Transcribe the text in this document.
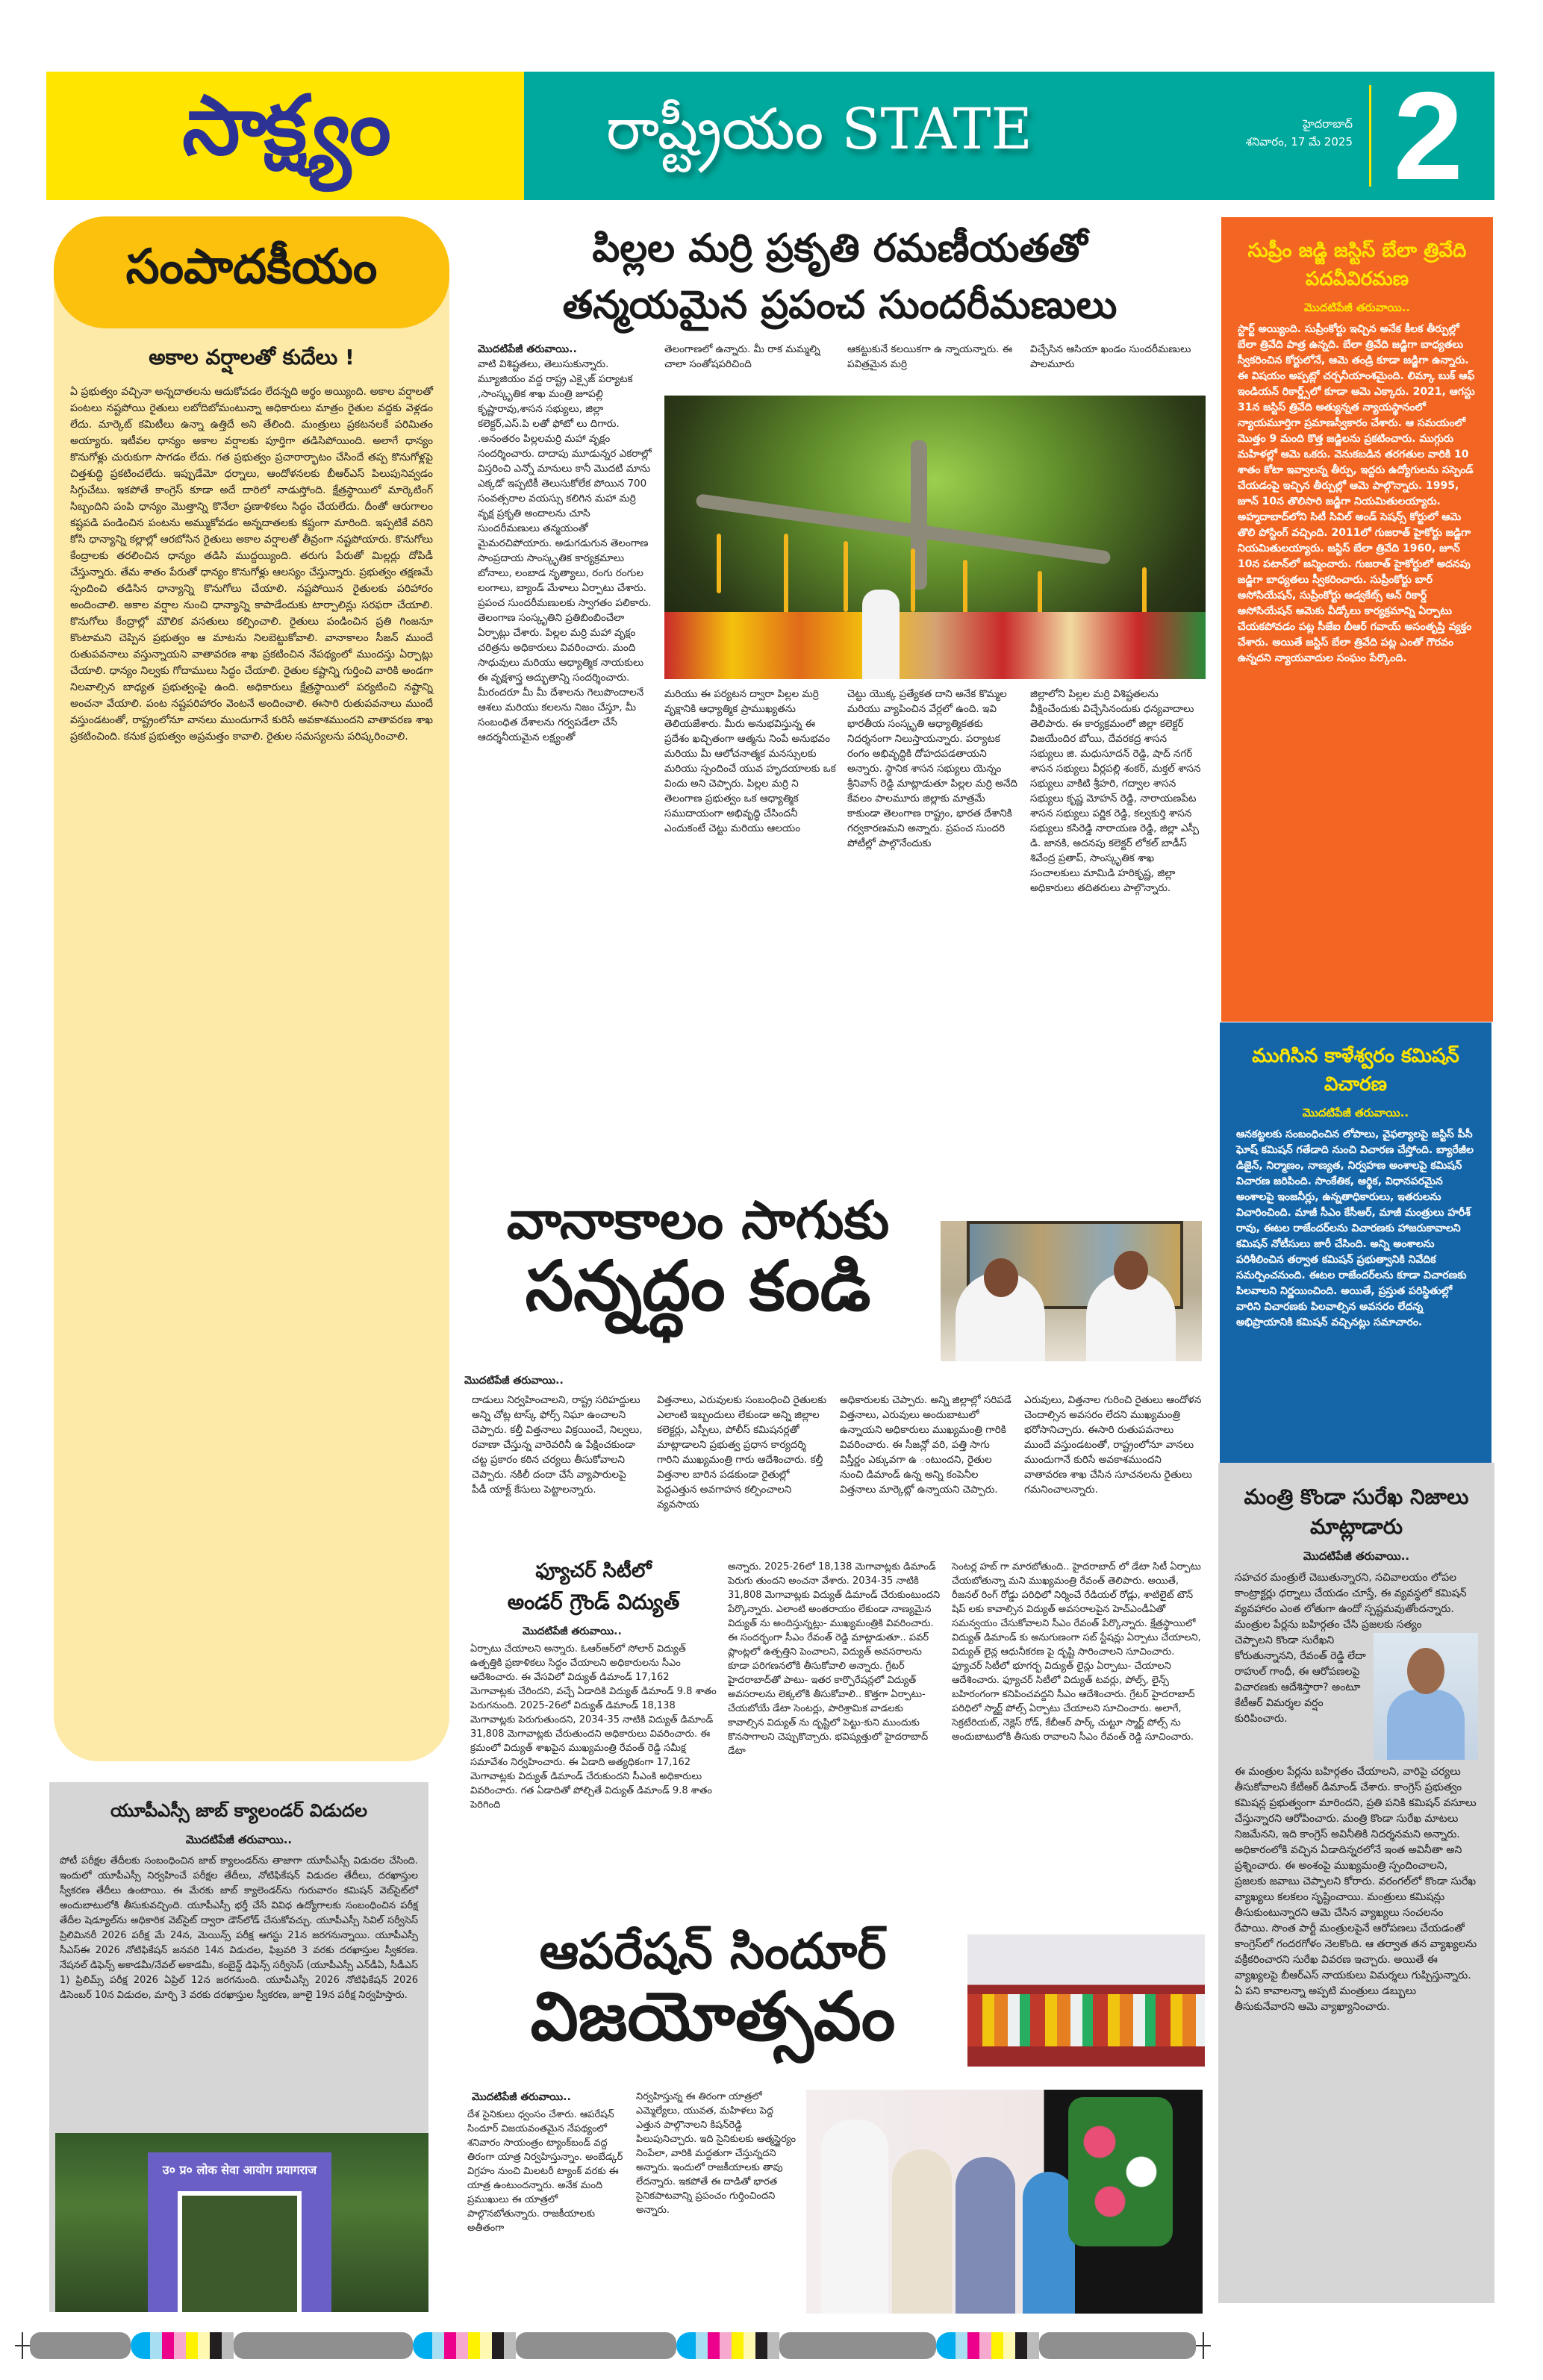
సాక్ష్యం	రాష్ట్రీయం STATE	హైదరాబాద్
శనివారం, 17 మే 2025 2
సంపాదకీయం
అకాల వర్షాలతో కుదేలు !

ఏ ప్రభుత్వం వచ్చినా అన్నదాతలను ఆదుకోవడం లేదన్నది అర్థం అయ్యింది. అకాల వర్షాలతో పంటలు నష్టపోయి రైతులు లబోదిబోమంటున్నా అధికారులు మాత్రం రైతుల వద్దకు వెళ్లడం లేదు. మార్కెట్ కమిటీలు ఉన్నా ఉత్తిదే అని తేలింది. మంత్రులు ప్రకటనలకే పరిమితం అయ్యారు. ఇటీవల ధాన్యం అకాల వర్షాలకు పూర్తిగా తడిసిపోయింది. అలాగే ధాన్యం కొనుగోళ్లు చురుకుగా సాగడం లేదు. గత ప్రభుత్వం ప్రచారార్భాటం చేసిందే తప్ప కొనుగోళ్లపై చిత్తశుద్ధి ప్రకటించలేదు. ఇప్పుడేమో ధర్నాలు, ఆందోళనలకు బీఆర్ఎస్ పిలుపునివ్వడం సిగ్గుచేటు. ఇకపోతే కాంగ్రెస్ కూడా అదే దారిలో నాడుస్తోంది. క్షేత్రస్థాయిలో మార్కెటింగ్ సిబ్బందిని పంపి ధాన్యం మొత్తాన్ని కొనేలా ప్రణాళికలు సిద్ధం చేయలేదు. దీంతో ఆరుగాలం కష్టపడి పండించిన పంటను అమ్ముకోవడం అన్నదాతలకు కష్టంగా మారింది. ఇప్పటికే వరిని కోసి ధాన్యాన్ని కల్లాల్లో ఆరబోసిన రైతులు అకాల వర్షాలతో తీవ్రంగా నష్టపోయారు. కొనుగోలు కేంద్రాలకు తరలించిన ధాన్యం తడిసి ముద్దయ్యింది. తరుగు పేరుతో మిల్లర్లు దోపిడీ చేస్తున్నారు. తేమ శాతం పేరుతో ధాన్యం కొనుగోళ్లు ఆలస్యం చేస్తున్నారు. ప్రభుత్వం తక్షణమే స్పందించి తడిసిన ధాన్యాన్ని కొనుగోలు చేయాలి. నష్టపోయిన రైతులకు పరిహారం అందించాలి. అకాల వర్షాల నుంచి ధాన్యాన్ని కాపాడేందుకు టార్పాలిన్లు సరఫరా చేయాలి. కొనుగోలు కేంద్రాల్లో మౌలిక వసతులు కల్పించాలి. రైతులు పండించిన ప్రతి గింజనూ కొంటామని చెప్పిన ప్రభుత్వం ఆ మాటను నిలబెట్టుకోవాలి. వానాకాలం సీజన్ ముందే రుతుపవనాలు వస్తున్నాయని వాతావరణ శాఖ ప్రకటించిన నేపథ్యంలో ముందస్తు ఏర్పాట్లు చేయాలి. ధాన్యం నిల్వకు గోదాములు సిద్ధం చేయాలి. రైతుల కష్టాన్ని గుర్తించి వారికి అండగా నిలవాల్సిన బాధ్యత ప్రభుత్వంపై ఉంది. అధికారులు క్షేత్రస్థాయిలో పర్యటించి నష్టాన్ని అంచనా వేయాలి. పంట నష్టపరిహారం వెంటనే అందించాలి. ఈసారి రుతుపవనాలు ముందే వస్తుండటంతో, రాష్ట్రంలోనూ వానలు ముందుగానే కురిసే అవకాశముందని వాతావరణ శాఖ ప్రకటించింది. కనుక ప్రభుత్వం అప్రమత్తం కావాలి. రైతుల సమస్యలను పరిష్కరించాలి.

యూపీఎస్సీ జాబ్ క్యాలండర్ విడుదల
మొదటిపేజీ తరువాయి..

పోటీ పరీక్షల తేదీలకు సంబంధించిన జాబ్ క్యాలండర్‌ను తాజాగా యూపీఎస్సీ విడుదల చేసింది. ఇందులో యూపీఎస్సీ నిర్వహించే పరీక్షల తేదీలు, నోటిఫికేషన్ విడుదల తేదీలు, దరఖాస్తుల స్వీకరణ తేదీలు ఉంటాయి. ఈ మేరకు జాబ్ క్యాలెండర్‌ను గురువారం కమిషన్ వెబ్‌సైట్‌లో అందుబాటులోకి తీసుకువచ్చింది. యూపీఎస్సీ భర్తీ చేసే వివిధ ఉద్యోగాలకు సంబంధించిన పరీక్ష తేదీల షెడ్యూల్‌ను అధికారిక వెబ్‌సైట్ ద్వారా డౌన్‌లోడ్ చేసుకోవచ్చు. యూపీఎస్సీ సివిల్ సర్వీసెస్ ప్రిలిమినరీ 2026 పరీక్ష మే 24న, మెయిన్స్ పరీక్ష ఆగస్టు 21న జరగనున్నాయి. యూపీఎస్సీ సీఎస్ఈ 2026 నోటిఫికేషన్ జనవరి 14న విడుదల, ఫిబ్రవరి 3 వరకు దరఖాస్తుల స్వీకరణ. నేషనల్ డిఫెన్స్ అకాడమీ/నేవల్ అకాడమీ, కంబైన్డ్ డిఫెన్స్ సర్వీసెస్ (యూపీఎస్సీ ఎన్‌డీఏ, సీడీఎస్ 1) ప్రిలిమ్స్ పరీక్ష 2026 ఏప్రిల్ 12న జరగనుంది. యూపీఎస్సీ 2026 నోటిఫికేషన్ 2026 డిసెంబర్ 10న విడుదల, మార్చి 3 వరకు దరఖాస్తుల స్వీకరణ, జూలై 19న పరీక్ష నిర్వహిస్తారు.

उ० प्र० लोक सेवा आयोग प्रयागराज
పిల్లల మర్రి ప్రకృతి రమణీయతతో
తన్మయమైన ప్రపంచ సుందరీమణులు
మొదటిపేజీ తరువాయి..
వాటి విశిష్టతలు, తెలుసుకున్నారు. మ్యూజియం వద్ద రాష్ట్ర ఎక్సైజ్ పర్యాటక ,సాంస్కృతిక శాఖ మంత్రి జూపల్లి కృష్ణారావు,శాసన సభ్యులు, జిల్లా కలెక్టర్,ఎస్.పి లతో ఫోటో లు దిగారు. .అనంతరం పిల్లలమర్రి మహా వృక్షం సందర్శించారు. దాదాపు మూడున్నర ఎకరాల్లో విస్తరించి ఎన్నో మానులు కానీ మొదటి మాను ఎక్కడో ఇప్పటికీ తెలుసుకోలేక పోయిన 700 సంవత్సరాల వయస్సు కలిగిన మహా మర్రి వృక్ష ప్రకృతి అందాలను చూసి సుందరీమణులు తన్మయంతో మైమరచిపోయారు. అడుగడుగున తెలంగాణ సాంప్రదాయ సాంస్కృతిక కార్యక్రమాలు బోనాలు, లంబాడ నృత్యాలు, రంగు రంగుల లంగాలు, బ్యాండ్ మేళాలు ఏర్పాటు చేశారు. ప్రపంచ సుందరీమణులకు స్వాగతం పలికారు. తెలంగాణ సంస్కృతిని ప్రతిబింబించేలా ఏర్పాట్లు చేశారు. పిల్లల మర్రి మహా వృక్షం చరిత్రను అధికారులు వివరించారు. మంది సాధువులు మరియు ఆధ్యాత్మిక నాయకులు ఈ వృక్షశాస్త్ర అద్భుతాన్ని సందర్శించారు. మీరందరూ మీ మీ దేశాలను గెలుపొందాలనే ఆశలు మరియు కలలను నిజం చేస్తూ, మీ సంబంధిత దేశాలను గర్వపడేలా చేసే ఆదర్శనీయమైన లక్ష్యంతో
తెలంగాణలో ఉన్నారు. మీ రాక మమ్మల్ని చాలా సంతోషపరిచింది
ఆకట్టుకునే కలయికగా ఉ న్నాయన్నారు. ఈ పవిత్రమైన మర్రి
విచ్చేసిన ఆసియా ఖండం సుందరీమణులు పాలమూరు
మరియు ఈ పర్యటన ద్వారా పిల్లల మర్రి వృక్షానికి ఆధ్యాత్మిక ప్రాముఖ్యతను తెలియజేశారు. మీరు అనుభవిస్తున్న ఈ ప్రదేశం ఖచ్చితంగా ఆత్మను నింపే అనుభవం మరియు మీ ఆలోచనాత్మక మనస్సులకు మరియు స్పందించే యువ హృదయాలకు ఒక విందు అని చెప్పారు. పిల్లల మర్రి ని తెలంగాణ ప్రభుత్వం ఒక ఆధ్యాత్మిక సముదాయంగా అభివృద్ధి చేసిందనీ ఎందుకంటే చెట్టు మరియు ఆలయం
చెట్టు యొక్క ప్రత్యేకత దాని అనేక కొమ్మల మరియు వ్యాపించిన వేర్లలో ఉంది. ఇవి భారతీయ సంస్కృతి ఆధ్యాత్మికతకు నిదర్శనంగా నిలుస్తాయన్నారు. పర్యాటక రంగం అభివృద్ధికి దోహదపడతాయని అన్నారు. స్థానిక శాసన సభ్యులు యెన్నం శ్రీనివాస్ రెడ్డి మాట్లాడుతూ పిల్లల మర్రి అనేది కేవలం పాలమూరు జిల్లాకు మాత్రమే కాకుండా తెలంగాణ రాష్ట్రం, భారత దేశానికి గర్వకారణమని అన్నారు. ప్రపంచ సుందరి పోటీల్లో పాల్గొనేందుకు
జిల్లాలోని పిల్లల మర్రి విశిష్టతలను వీక్షించేందుకు విచ్చేసినందుకు ధన్యవాదాలు తెలిపారు. ఈ కార్యక్రమంలో జిల్లా కలెక్టర్ విజయేందిర బోయి, దేవరకద్ర శాసన సభ్యులు జి. మధుసూదన్ రెడ్డి, షాద్ నగర్ శాసన సభ్యులు వీర్లపల్లి శంకర్, మక్తల్ శాసన సభ్యులు వాకిటి శ్రీహరి, గద్వాల శాసన సభ్యులు కృష్ణ మోహన్ రెడ్డి, నారాయణపేట శాసన సభ్యులు పర్ణిక రెడ్డి, కల్వకుర్తి శాసన సభ్యులు కసిరెడ్డి నారాయణ రెడ్డి, జిల్లా ఎస్పీ డి. జానకి, అదనపు కలెక్టర్ లోకల్ బాడీస్ శివేంద్ర ప్రతాప్, సాంస్కృతిక శాఖ సంచాలకులు మామిడి హరికృష్ణ, జిల్లా అధికారులు తదితరులు పాల్గొన్నారు.
వానాకాలం సాగుకు
సన్నద్ధం కండి
మొదటిపేజీ తరువాయి..
దాడులు నిర్వహించాలని, రాష్ట్ర సరిహద్దులు అన్ని చోట్ల టాస్క్ ఫోర్స్ నిఘా ఉంచాలని చెప్పారు. కల్తీ విత్తనాలు విక్రయించే, నిల్వలు, రవాణా చేస్తున్న వారెవరినీ ఉ పేక్షించకుండా చట్ట ప్రకారం కఠిన చర్యలు తీసుకోవాలని చెప్పారు. నకిలీ దందా చేసే వ్యాపారులపై పీడీ యాక్ట్ కేసులు పెట్టాలన్నారు.
విత్తనాలు, ఎరువులకు సంబంధించి రైతులకు ఎలాంటి ఇబ్బందులు లేకుండా అన్ని జిల్లాల కలెక్టర్లు, ఎస్పీలు, పోలీస్ కమిషనర్లతో మాట్లాడాలని ప్రభుత్వ ప్రధాన కార్యదర్శి గారిని ముఖ్యమంత్రి గారు ఆదేశించారు. కల్తీ విత్తనాల బారిన పడకుండా రైతుల్లో పెద్దఎత్తున అవగాహన కల్పించాలని వ్యవసాయ
అధికారులకు చెప్పారు. అన్ని జిల్లాల్లో సరిపడే విత్తనాలు, ఎరువులు అందుబాటులో ఉన్నాయని అధికారులు ముఖ్యమంత్రి గారికి వివరించారు. ఈ సీజన్లో వరి, పత్తి సాగు విస్తీర్ణం ఎక్కువగా ఉ ంటుందని, రైతుల నుంచి డిమాండ్ ఉన్న అన్ని కంపెనీల విత్తనాలు మార్కెట్లో ఉన్నాయని చెప్పారు.
ఎరువులు, విత్తనాల గురించి రైతులు ఆందోళన చెందాల్సిన అవసరం లేదని ముఖ్యమంత్రి భరోసానిచ్చారు. ఈసారి రుతుపవనాలు ముందే వస్తుండటంతో, రాష్ట్రంలోనూ వానలు ముందుగానే కురిసే అవకాశముందని వాతావరణ శాఖ చేసిన సూచనలను రైతులు గమనించాలన్నారు.
ఫ్యూచర్ సిటీలో
అండర్ గ్రౌండ్ విద్యుత్
మొదటిపేజీ తరువాయి..
ఏర్పాటు చేయాలని అన్నారు. ఓఆర్ఆర్‌లో సోలార్ విద్యుత్ ఉత్పత్తికి ప్రణాళికలు సిద్ధం చేయాలని అధికారులను సీఎం ఆదేశించారు. ఈ వేసవిలో విద్యుత్ డిమాండ్ 17,162 మెగావాట్లకు చేరిందని, వచ్చే ఏడాదికి విద్యుత్ డిమాండ్ 9.8 శాతం పెరుగనుంది. 2025-26లో విద్యుత్ డిమాండ్ 18,138 మెగావాట్లకు పెరుగుతుందని, 2034-35 నాటికి విద్యుత్ డిమాండ్ 31,808 మెగావాట్లకు చేరుతుందని అధికారులు వివరించారు. ఈ క్రమంలో విద్యుత్ శాఖపైన ముఖ్యమంత్రి రేవంత్ రెడ్డి సమీక్ష సమావేశం నిర్వహించారు. ఈ ఏడాది అత్యధికంగా 17,162 మెగావాట్లకు విద్యుత్ డిమాండ్ చేరుకుందని సీఎంకి అధికారులు వివరించారు. గత ఏడాదితో పోల్చితే విద్యుత్ డిమాండ్ 9.8 శాతం పెరిగింది
అన్నారు. 2025-26లో 18,138 మెగావాట్లకు డిమాండ్ పెరుగు తుందని అంచనా వేశారు. 2034-35 నాటికి 31,808 మెగావాట్లకు విద్యుత్ డిమాండ్ చేరుకుంటుందని పేర్కొన్నారు. ఎలాంటి అంతరాయం లేకుండా నాణ్యమైన విద్యుత్ ను అందిస్తున్నట్లు- ముఖ్యమంత్రికి వివరించారు. ఈ సందర్భంగా సీఎం రేవంత్ రెడ్డి మాట్లాడుతూ.. పవర్ ప్లాంట్లలో ఉత్పత్తిని పెంచాలని, విద్యుత్ అవసరాలను కూడా పరిగణనలోకి తీసుకోవాలి అన్నారు. గ్రేటర్ హైదరాబాద్‌తో పాటు- ఇతర కార్పొరేషన్లలో విద్యుత్ అవసరాలను లెక్కలోకి తీసుకోవాలి.. కొత్తగా ఏర్పాటు- చేయబోయే డేటా సెంటర్లు, పారిశ్రామిక వాడలకు కావాల్సిన విద్యుత్ ను దృష్టిలో పెట్టు-కుని ముందుకు కొనసాగాలని చెప్పుకొచ్చారు. భవిష్యత్తులో హైదరాబాద్ డేటా
సెంటర్ల హబ్ గా మారబోతుంది.. హైదరాబాద్ లో డేటా సిటీ ఏర్పాటు చేయబోతున్నా మని ముఖ్యమంత్రి రేవంత్ తెలిపారు. అయితే, రీజనల్ రింగ్ రోడ్డు పరిధిలో నిర్మించే రేడియల్ రోడ్లు, శాటిలైట్ టౌన్ షిప్ లకు కావాల్సిన విద్యుత్ అవసరాలపైన హెచ్ఎండీఏతో సమన్వయం చేసుకోవాలని సీఎం రేవంత్ పేర్కొన్నారు. క్షేత్రస్థాయిలో విద్యుత్ డిమాండ్ కు అనుగుణంగా సబ్ స్టేషన్లు ఏర్పాటు చేయాలని, విద్యుత్ లైన్ల ఆధునీకరణ పై దృష్టి సారించాలని సూచించారు. ఫ్యూచర్ సిటీలో భూగర్భ విద్యుత్ లైన్లు ఏర్పాటు- చేయాలని ఆదేశించారు. ఫ్యూచర్ సిటీలో విద్యుత్ టవర్లు, పోల్స్, లైన్స్ బహిరంగంగా కనిపించవద్దని సీఎం ఆదేశించారు. గ్రేటర్ హైదరాబాద్ పరిధిలో స్మార్ట్ పోల్స్ ఏర్పాటు చేయాలని సూచించారు. అలాగే, సెక్రటేరియట్, నెక్లెస్ రోడ్, కేబీఆర్ పార్క్ చుట్టూ స్మార్ట్ పోల్స్ ను అందుబాటులోకి తీసుకు రావాలని సీఎం రేవంత్ రెడ్డి సూచించారు.
ఆపరేషన్ సిందూర్
విజయోత్సవం
మొదటిపేజీ తరువాయి..
దేశ సైనికులు ధ్వంసం చేశారు. ఆపరేషన్ సిందూర్ విజయవంతమైన నేపథ్యంలో శనివారం సాయంత్రం ట్యాంక్‌బండ్ వద్ద తిరంగా యాత్ర నిర్వహిస్తున్నాం. అంబేడ్కర్ విగ్రహం నుంచి మిలటరీ ట్యాంక్ వరకు ఈ యాత్ర ఉంటుందన్నారు. అనేక మంది ప్రముఖులు ఈ యాత్రలో పాల్గొనబోతున్నారు. రాజకీయాలకు అతీతంగా
నిర్వహిస్తున్న ఈ తిరంగా యాత్రలో ఎమ్మెల్యేలు, యువత, మహిళలు పెద్ద ఎత్తున పాల్గొనాలని కిషన్‌రెడ్డి పిలుపునిచ్చారు. ఇది సైనికులకు ఆత్మస్థైర్యం నింపేలా, వారికి మద్దతుగా చేస్తున్నదని అన్నారు. ఇందులో రాజకీయాలకు తావు లేదన్నారు. ఇకపోతే ఈ దాడితో భారత సైనికపాటవాన్ని ప్రపంచం గుర్తించిందని అన్నారు.
సుప్రీం జడ్జి జస్టిస్ బేలా త్రివేది పదవీవిరమణ
మొదటిపేజీ తరువాయి..

స్టార్ట్ అయ్యింది. సుప్రీంకోర్టు ఇచ్చిన అనేక కీలక తీర్పుల్లో బేలా త్రివేది పాత్ర ఉన్నది. బేలా త్రివేది జడ్జిగా బాధ్యతలు స్వీకరించిన కోర్టులోనే, ఆమె తండ్రి కూడా జడ్జిగా ఉన్నారు. ఈ విషయం అప్పట్లో చర్చనీయాంశమైంది. లిమ్కా బుక్ ఆఫ్ ఇండియన్ రికార్డ్స్‌లో కూడా ఆమె ఎక్కారు. 2021, ఆగస్టు 31న జస్టిస్ త్రివేది అత్యున్నత న్యాయస్థానంలో న్యాయమూర్తిగా ప్రమాణస్వీకారం చేశారు. ఆ సమయంలో మొత్తం 9 మంది కొత్త జడ్జిలను ప్రకటించారు. ముగ్గురు మహిళల్లో ఆమె ఒకరు. వెనుకబడిన తరగతుల వారికి 10 శాతం కోటా ఇవ్వాలన్న తీర్పు, ఇద్దరు ఉద్యోగులను సస్పెండ్ చేయడంపై ఇచ్చిన తీర్పుల్లో ఆమె పాల్గొన్నారు. 1995, జూన్ 10న తొలిసారి జడ్జిగా నియమితులయ్యారు. అహ్మదాబాద్‌లోని సిటీ సివిల్ అండ్ సెషన్స్ కోర్టులో ఆమె తొలి పోస్టింగ్ వచ్చింది. 2011లో గుజరాత్ హైకోర్టు జడ్జిగా నియమితులయ్యారు. జస్టిస్ బేలా త్రివేది 1960, జూన్ 10న పటాన్‌లో జన్మించారు. గుజరాత్ హైకోర్టులో అదనపు జడ్జిగా బాధ్యతలు స్వీకరించారు. సుప్రీంకోర్టు బార్ అసోసియేషన్, సుప్రీంకోర్టు అడ్వకేట్స్ ఆన్ రికార్డ్ అసోసియేషన్ ఆమెకు వీడ్కోలు కార్యక్రమాన్ని ఏర్పాటు చేయకపోవడం పట్ల సీజేఐ బీఆర్ గవాయ్ అసంతృప్తి వ్యక్తం చేశారు. అయితే జస్టిస్ బేలా త్రివేది పట్ల ఎంతో గౌరవం ఉన్నదని న్యాయవాదుల సంఘం పేర్కొంది.

ముగిసిన కాళేశ్వరం కమిషన్ విచారణ
మొదటిపేజీ తరువాయి..

ఆనకట్టలకు సంబంధించిన లోపాలు, వైఫల్యాలపై జస్టిస్ పీసీ ఘోష్ కమిషన్ గతేడాది నుంచి విచారణ చేస్తోంది. బ్యారేజీల డిజైన్, నిర్మాణం, నాణ్యత, నిర్వహణ అంశాలపై కమిషన్ విచారణ జరిపింది. సాంకేతిక, ఆర్థిక, విధానపరమైన అంశాలపై ఇంజనీర్లు, ఉన్నతాధికారులు, ఇతరులను విచారించింది. మాజీ సీఎం కేసీఆర్, మాజీ మంత్రులు హరీశ్ రావు, ఈటల రాజేందర్‌లను విచారణకు హాజరుకావాలని కమిషన్ నోటీసులు జారీ చేసింది. అన్ని అంశాలను పరిశీలించిన తర్వాత కమిషన్ ప్రభుత్వానికి నివేదిక సమర్పించనుంది. ఈటల రాజేందర్‌లను కూడా విచారణకు పిలవాలని నిర్ణయించింది. అయితే, ప్రస్తుత పరిస్థితుల్లో వారిని విచారణకు పిలవాల్సిన అవసరం లేదన్న అభిప్రాయానికి కమిషన్ వచ్చినట్లు సమాచారం.

మంత్రి కొండా సురేఖ నిజాలు మాట్లాడారు
మొదటిపేజీ తరువాయి..

సహచర మంత్రులే చెబుతున్నారని, సచివాలయం లోపల కాంట్రాక్టర్లు ధర్నాలు చేయడం చూస్తే, ఈ వ్యవస్థలో కమిషన్ వ్యవహారం ఎంత లోతుగా ఉందో స్పష్టమవుతోందన్నారు. మంత్రుల పేర్లను బహిర్గతం చేసి ప్రజలకు సత్యం

చెప్పాలని కొండా సురేఖని కోరుతున్నానని, రేవంత్ రెడ్డి లేదా రాహుల్ గాంధీ, ఈ ఆరోపణలపై విచారణకు ఆదేశిస్తారా? అంటూ కేటీఆర్ విమర్శల వర్షం కురిపించారు.

ఈ మంత్రుల పేర్లను బహిర్గతం చేయాలని, వారిపై చర్యలు తీసుకోవాలని కేటీఆర్ డిమాండ్ చేశారు. కాంగ్రెస్ ప్రభుత్వం కమిషన్ల ప్రభుత్వంగా మారిందని, ప్రతి పనికి కమిషన్ వసూలు చేస్తున్నారని ఆరోపించారు. మంత్రి కొండా సురేఖ మాటలు నిజమేనని, ఇది కాంగ్రెస్ అవినీతికి నిదర్శనమని అన్నారు. అధికారంలోకి వచ్చిన ఏడాదిన్నరలోనే ఇంత అవినీతా అని ప్రశ్నించారు. ఈ అంశంపై ముఖ్యమంత్రి స్పందించాలని, ప్రజలకు జవాబు చెప్పాలని కోరారు. వరంగల్‌లో కొండా సురేఖ వ్యాఖ్యలు కలకలం సృష్టించాయి. మంత్రులు కమిషన్లు తీసుకుంటున్నారని ఆమె చేసిన వ్యాఖ్యలు సంచలనం రేపాయి. సొంత పార్టీ మంత్రులపైనే ఆరోపణలు చేయడంతో కాంగ్రెస్‌లో గందరగోళం నెలకొంది. ఆ తర్వాత తన వ్యాఖ్యలను వక్రీకరించారని సురేఖ వివరణ ఇచ్చారు. అయితే ఈ వ్యాఖ్యలపై బీఆర్ఎస్ నాయకులు విమర్శలు గుప్పిస్తున్నారు. ఏ పని కావాలన్నా అప్పటి మంత్రులు డబ్బులు తీసుకునేవారని ఆమె వ్యాఖ్యానించారు.
